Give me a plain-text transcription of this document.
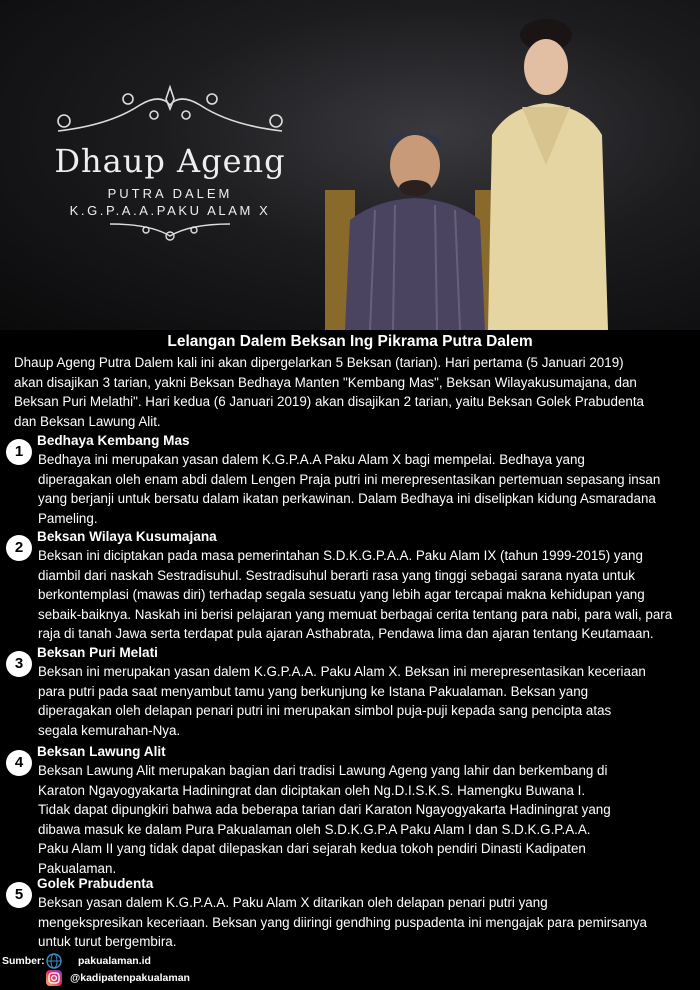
Dhaup Ageng
PUTRA DALEM
K.G.P.A.A.PAKU ALAM X
Lelangan Dalem Beksan Ing Pikrama Putra Dalem
Dhaup Ageng Putra Dalem kali ini akan dipergelarkan 5 Beksan (tarian). Hari pertama (5 Januari 2019)
akan disajikan 3 tarian, yakni Beksan Bedhaya Manten "Kembang Mas", Beksan Wilayakusumajana, dan
Beksan Puri Melathi". Hari kedua (6 Januari 2019) akan disajikan 2 tarian, yaitu Beksan Golek Prabudenta
dan Beksan Lawung Alit.
1
Bedhaya Kembang Mas
Bedhaya ini merupakan yasan dalem K.G.P.A.A Paku Alam X bagi mempelai. Bedhaya yang
diperagakan oleh enam abdi dalem Lengen Praja putri ini merepresentasikan pertemuan sepasang insan
yang berjanji untuk bersatu dalam ikatan perkawinan. Dalam Bedhaya ini diselipkan kidung Asmaradana
Pameling.
2
Beksan Wilaya Kusumajana
Beksan ini diciptakan pada masa pemerintahan S.D.K.G.P.A.A. Paku Alam IX (tahun 1999-2015) yang
diambil dari naskah Sestradisuhul. Sestradisuhul berarti rasa yang tinggi sebagai sarana nyata untuk
berkontemplasi (mawas diri) terhadap segala sesuatu yang lebih agar tercapai makna kehidupan yang
sebaik-baiknya. Naskah ini berisi pelajaran yang memuat berbagai cerita tentang para nabi, para wali, para
raja di tanah Jawa serta terdapat pula ajaran Asthabrata, Pendawa lima dan ajaran tentang Keutamaan.
3
Beksan Puri Melati
Beksan ini merupakan yasan dalem K.G.P.A.A. Paku Alam X. Beksan ini merepresentasikan keceriaan
para putri pada saat menyambut tamu yang berkunjung ke Istana Pakualaman. Beksan yang
diperagakan oleh delapan penari putri ini merupakan simbol puja-puji kepada sang pencipta atas
segala kemurahan-Nya.
4
Beksan Lawung Alit
Beksan Lawung Alit merupakan bagian dari tradisi Lawung Ageng yang lahir dan berkembang di
Karaton Ngayogyakarta Hadiningrat dan diciptakan oleh Ng.D.I.S.K.S. Hamengku Buwana I.
Tidak dapat dipungkiri bahwa ada beberapa tarian dari Karaton Ngayogyakarta Hadiningrat yang
dibawa masuk ke dalam Pura Pakualaman oleh S.D.K.G.P.A Paku Alam I dan S.D.K.G.P.A.A.
Paku Alam II yang tidak dapat dilepaskan dari sejarah kedua tokoh pendiri Dinasti Kadipaten
Pakualaman.
5
Golek Prabudenta
Beksan yasan dalem K.G.P.A.A. Paku Alam X ditarikan oleh delapan penari putri yang
mengekspresikan keceriaan. Beksan yang diiringi gendhing puspadenta ini mengajak para pemirsanya
untuk turut bergembira.
Sumber:	pakualaman.id
@kadipatenpakualaman
